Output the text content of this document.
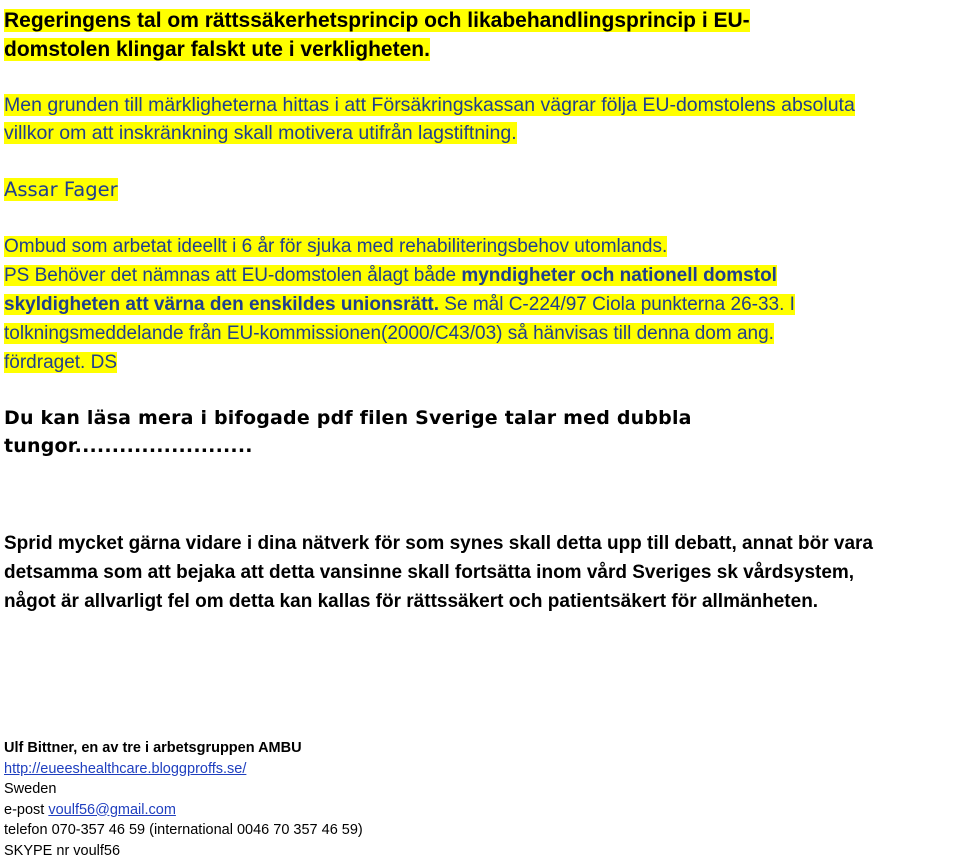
Regeringens tal om rättssäkerhetsprincip och likabehandlingsprincip i EU-
domstolen klingar falskt ute i verkligheten.
Men grunden till märkligheterna hittas i att Försäkringskassan vägrar följa EU-domstolens absoluta
villkor om att inskränkning skall motivera utifrån lagstiftning.
Assar Fager
Ombud som arbetat ideellt i 6 år för sjuka med rehabiliteringsbehov utomlands.
PS Behöver det nämnas att EU-domstolen ålagt både myndigheter och nationell domstol
skyldigheten att värna den enskildes unionsrätt. Se mål C-224/97 Ciola punkterna 26-33. I
tolkningsmeddelande från EU-kommissionen(2000/C43/03) så hänvisas till denna dom ang.
fördraget. DS
Du kan läsa mera i bifogade pdf filen Sverige talar med dubbla
tungor........................
Sprid mycket gärna vidare i dina nätverk för som synes skall detta upp till debatt, annat bör vara
detsamma som att bejaka att detta vansinne skall fortsätta inom vård Sveriges sk vårdsystem,
något är allvarligt fel om detta kan kallas för rättssäkert och patientsäkert för allmänheten.
Ulf Bittner, en av tre i arbetsgruppen AMBU
http://eueeshealthcare.bloggproffs.se/
Sweden
e-post voulf56@gmail.com
telefon 070-357 46 59 (international 0046 70 357 46 59)
SKYPE nr voulf56
